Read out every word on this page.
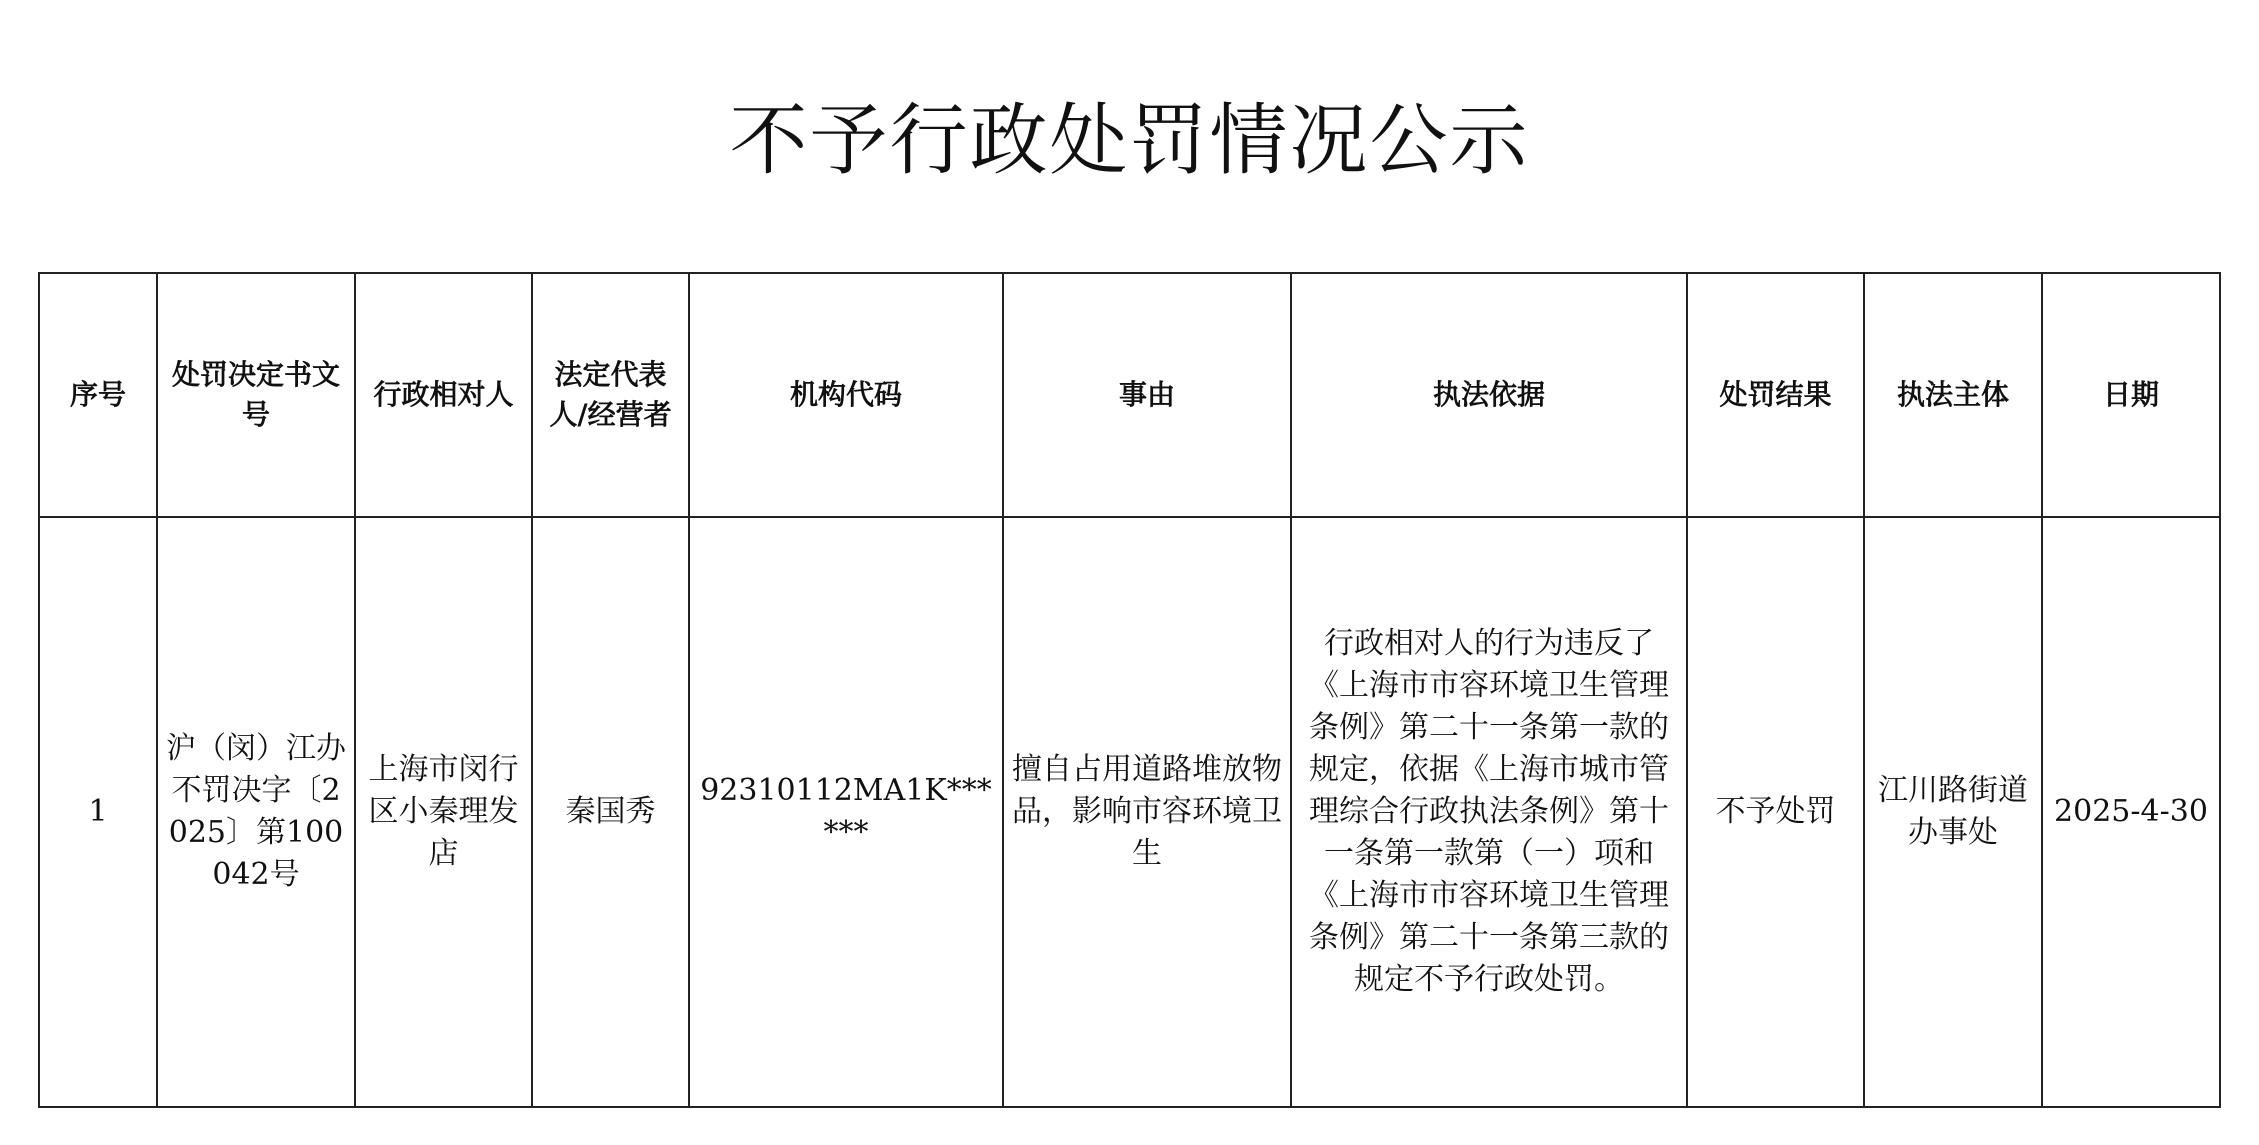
不予行政处罚情况公示
序号	处罚决定书文号	行政相对人	法定代表人/经营者	机构代码	事由	执法依据	处罚结果	执法主体	日期
1	沪（闵）江办不罚决字〔2025〕第100042号	上海市闵行区小秦理发店	秦国秀	92310112MA1K******	擅自占用道路堆放物品，影响市容环境卫生	行政相对人的行为违反了《上海市市容环境卫生管理条例》第二十一条第一款的规定，依据《上海市城市管理综合行政执法条例》第十一条第一款第（一）项和《上海市市容环境卫生管理条例》第二十一条第三款的规定不予行政处罚。	不予处罚	江川路街道办事处	2025-4-30
